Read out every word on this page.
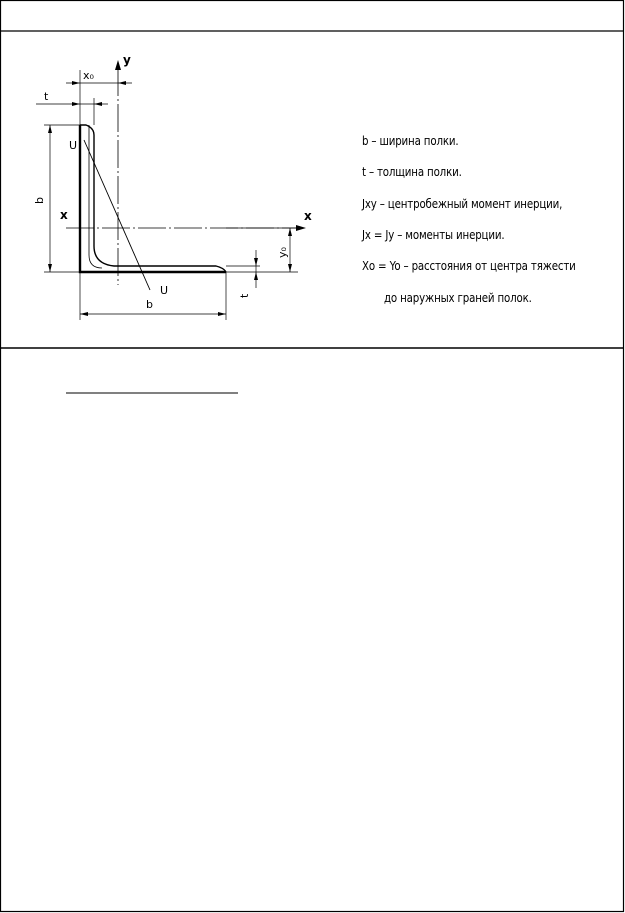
y
x	x
x₀
t
U
U
b
b
y₀
t
b – ширина полки.
t – толщина полки.
Jxy – центробежный момент инерции,
Jx = Jy – моменты инерции.
Xo = Yo – расстояния от центра тяжести
до наружных граней полок.
